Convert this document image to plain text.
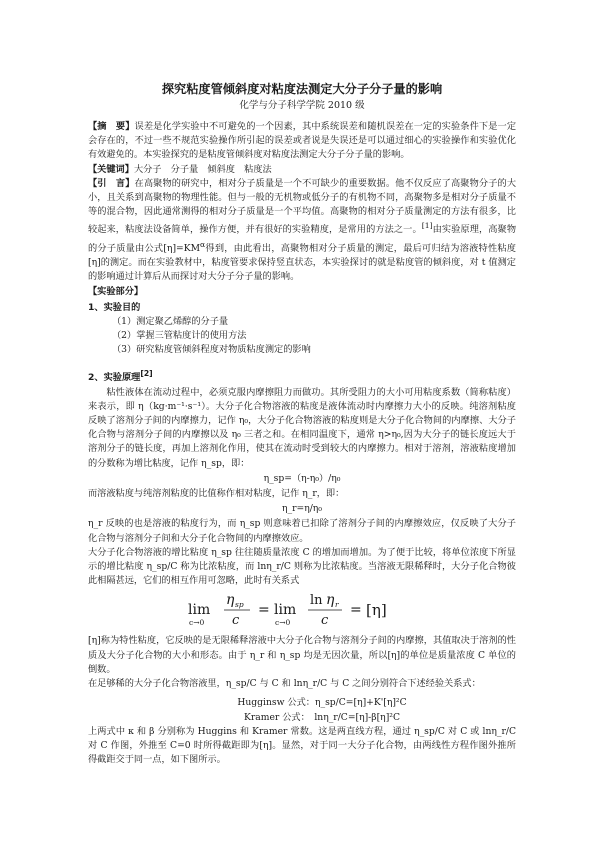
探究粘度管倾斜度对粘度法测定大分子分子量的影响
化学与分子科学学院 2010 级

【摘　要】误差是化学实验中不可避免的一个因素，其中系统误差和随机误差在一定的实验条件下是一定会存在的，不过一些不规范实验操作所引起的误差或者说是失误还是可以通过细心的实验操作和实验优化有效避免的。本实验探究的是粘度管倾斜度对粘度法测定大分子分子量的影响。

【关键词】大分子　分子量　倾斜度　粘度法

【引　言】在高聚物的研究中，相对分子质量是一个不可缺少的重要数据。他不仅反应了高聚物分子的大小，且关系到高聚物的物理性能。但与一般的无机物或低分子的有机物不同，高聚物多是相对分子质量不等的混合物，因此通常测得的相对分子质量是一个平均值。高聚物的相对分子质量测定的方法有很多，比较起来，粘度法设备简单，操作方便，并有很好的实验精度，是常用的方法之一。[1]由实验原理，高聚物的分子质量由公式$[\eta]=KM^\alpha$得到，由此看出，高聚物相对分子质量的测定，最后可归结为溶液特性粘度[η]的测定。而在实验教材中，粘度管要求保持竖直状态，本实验探讨的就是粘度管的倾斜度，对 t 值测定的影响通过计算后从而探讨对大分子分子量的影响。

【实验部分】
1、实验目的
（1）测定聚乙烯醇的分子量
（2）掌握三管粘度计的使用方法
（3）研究粘度管倾斜程度对物质粘度测定的影响
2、实验原理[2]

粘性液体在流动过程中，必须克服内摩擦阻力而做功。其所受阻力的大小可用粘度系数（简称粘度）来表示，即 η（kg·m⁻¹·s⁻¹）。大分子化合物溶液的粘度是液体流动时内摩擦力大小的反映。纯溶剂粘度反映了溶剂分子间的内摩擦力，记作 η₀，大分子化合物溶液的粘度则是大分子化合物间的内摩擦、大分子化合物与溶剂分子间的内摩擦以及 η₀ 三者之和。在相同温度下，通常 η>η₀,因为大分子的链长度远大于溶剂分子的链长度，再加上溶剂化作用，使其在流动时受到较大的内摩擦力。相对于溶剂，溶液粘度增加的分数称为增比粘度，记作 η_sp，即：

η_sp=（η-η₀）/η₀

而溶液粘度与纯溶剂粘度的比值称作相对粘度，记作 η_r，即：

η_r=η/η₀

η_r 反映的也是溶液的粘度行为，而 η_sp 则意味着已扣除了溶剂分子间的内摩擦效应，仅反映了大分子化合物与溶剂分子间和大分子化合物间的内摩擦效应。

大分子化合物溶液的增比粘度 η_sp 往往随质量浓度 C 的增加而增加。为了便于比较，将单位浓度下所显示的增比粘度 η_sp/C 称为比浓粘度，而 lnη_r/C 则称为比浓粘度。当溶液无限稀释时，大分子化合物彼此相隔甚远，它们的相互作用可忽略，此时有关系式

lim
c→0
η sp
c
= lim
c→0
ln η r
c
= [η]

[η]称为特性粘度，它反映的是无限稀释溶液中大分子化合物与溶剂分子间的内摩擦，其值取决于溶剂的性质及大分子化合物的大小和形态。由于 η_r 和 η_sp 均是无因次量，所以[η]的单位是质量浓度 C 单位的倒数。

在足够稀的大分子化合物溶液里，η_sp/C 与 C 和 lnη_r/C 与 C 之间分别符合下述经验关系式：

Hugginsw 公式：η_sp/C=[η]+K'[η]²C
Kramer 公式：　lnη_r/C=[η]-β[η]²C

上两式中 κ 和 β 分别称为 Huggins 和 Kramer 常数。这是两直线方程，通过 η_sp/C 对 C 或 lnη_r/C 对 C 作图，外推至 C=0 时所得截距即为[η]。显然，对于同一大分子化合物，由两线性方程作图外推所得截距交于同一点，如下图所示。
